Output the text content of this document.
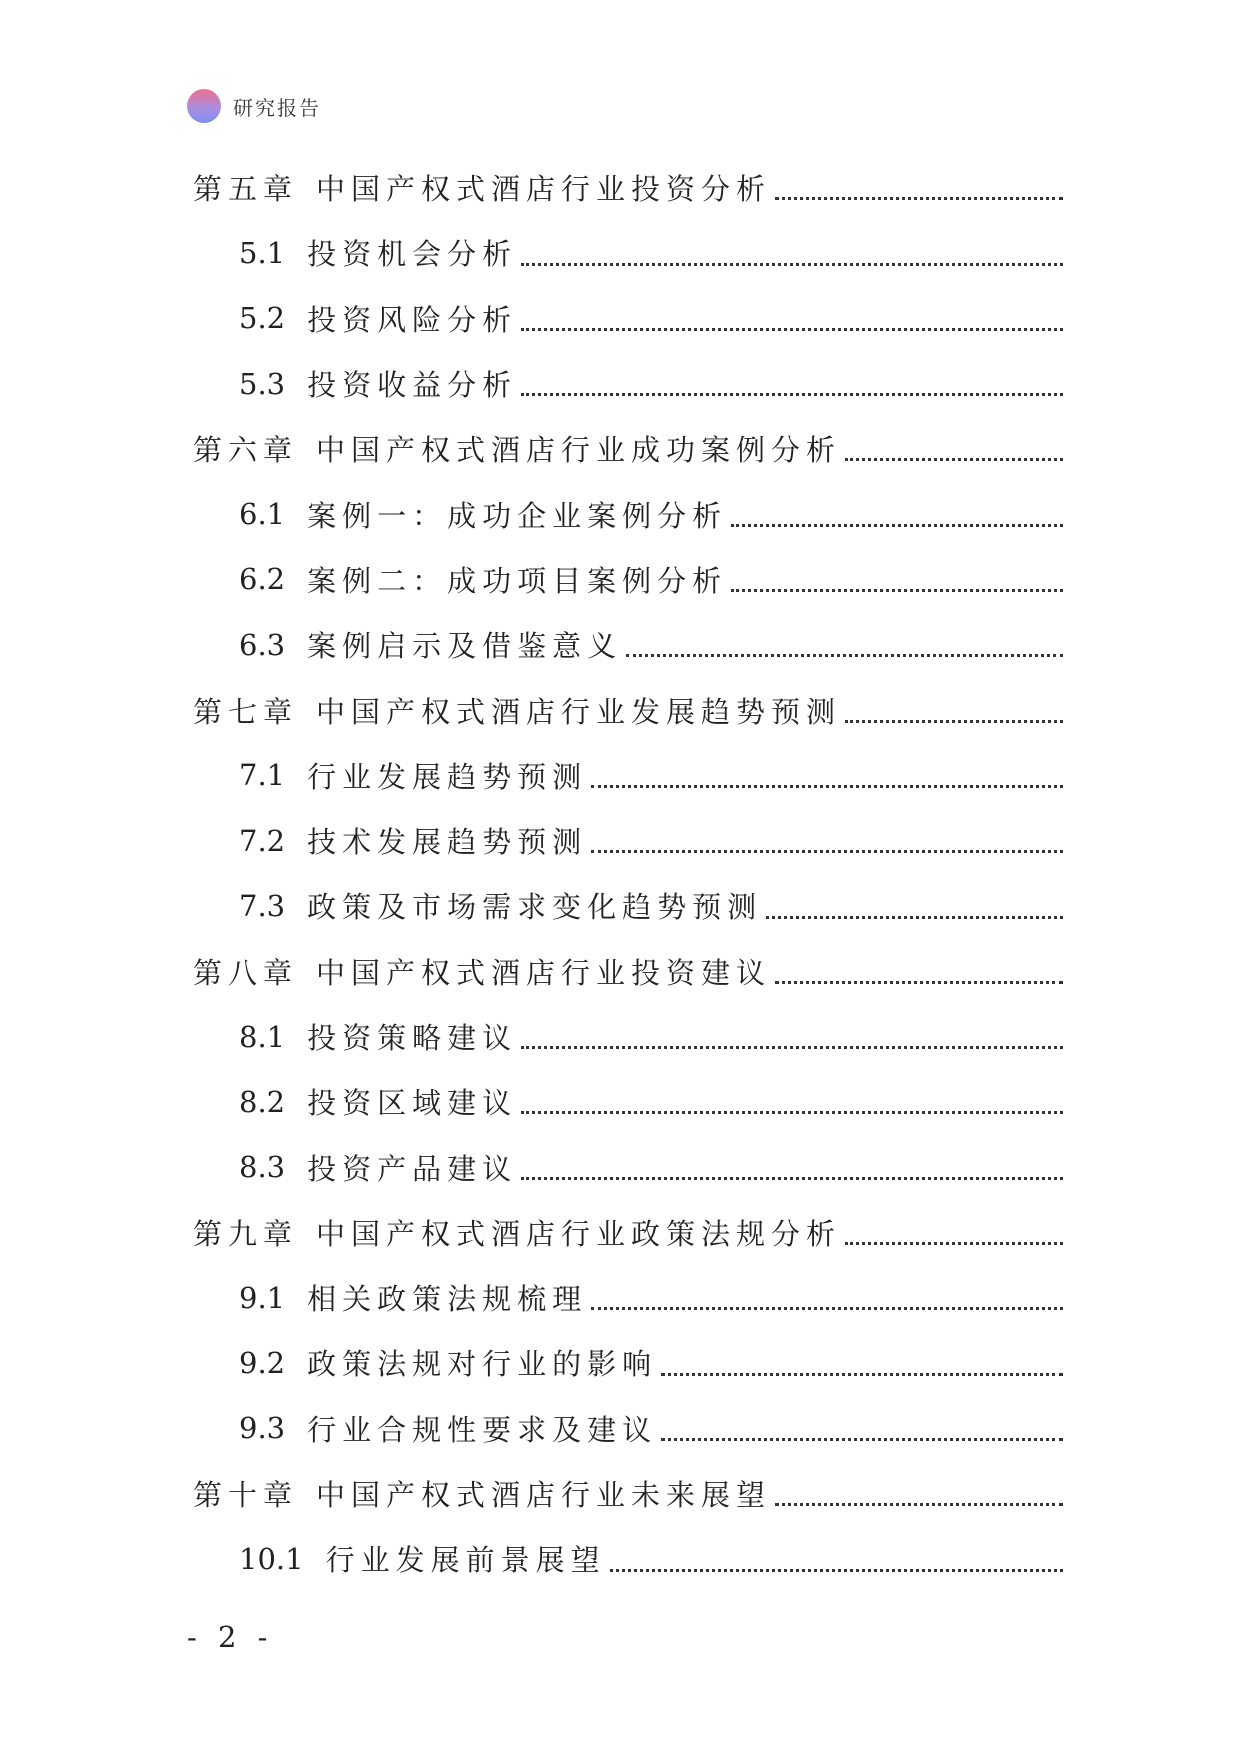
研究报告
第五章 中国产权式酒店行业投资分析
5.1 投资机会分析
5.2 投资风险分析
5.3 投资收益分析
第六章 中国产权式酒店行业成功案例分析
6.1 案例一：成功企业案例分析
6.2 案例二：成功项目案例分析
6.3 案例启示及借鉴意义
第七章 中国产权式酒店行业发展趋势预测
7.1 行业发展趋势预测
7.2 技术发展趋势预测
7.3 政策及市场需求变化趋势预测
第八章 中国产权式酒店行业投资建议
8.1 投资策略建议
8.2 投资区域建议
8.3 投资产品建议
第九章 中国产权式酒店行业政策法规分析
9.1 相关政策法规梳理
9.2 政策法规对行业的影响
9.3 行业合规性要求及建议
第十章 中国产权式酒店行业未来展望
10.1 行业发展前景展望
- 2 -
